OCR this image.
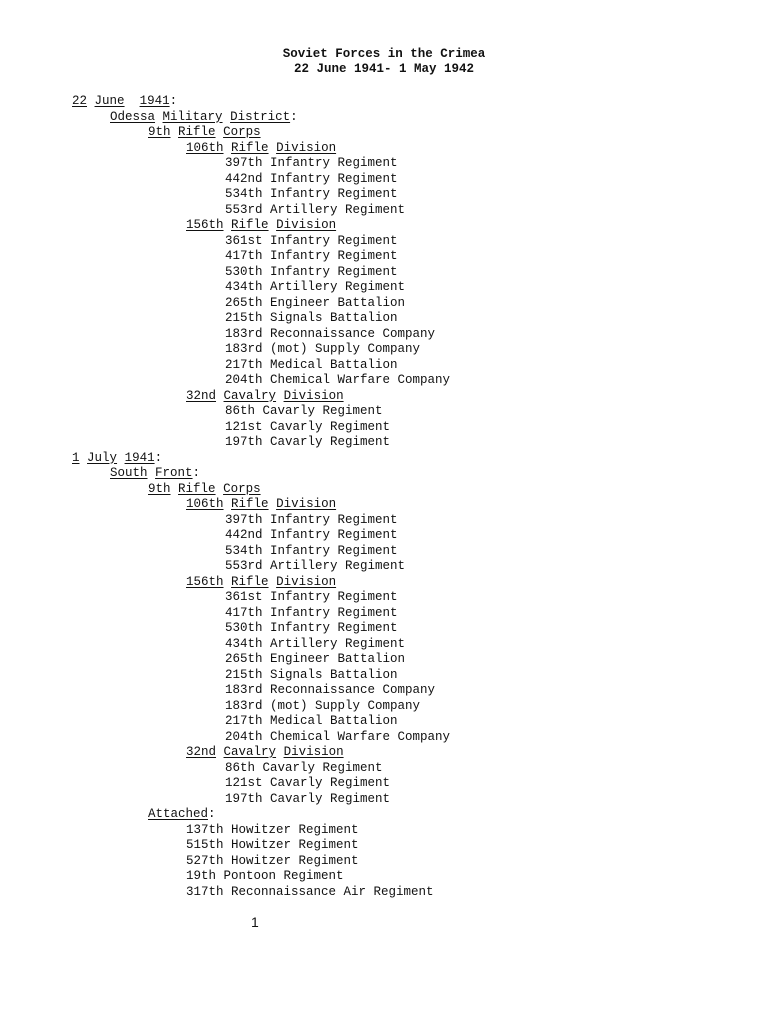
Soviet Forces in the Crimea
22 June 1941- 1 May 1942
22 June 1941:
Odessa Military District:
9th Rifle Corps
106th Rifle Division
397th Infantry Regiment
442nd Infantry Regiment
534th Infantry Regiment
553rd Artillery Regiment
156th Rifle Division
361st Infantry Regiment
417th Infantry Regiment
530th Infantry Regiment
434th Artillery Regiment
265th Engineer Battalion
215th Signals Battalion
183rd Reconnaissance Company
183rd (mot) Supply Company
217th Medical Battalion
204th Chemical Warfare Company
32nd Cavalry Division
86th Cavarly Regiment
121st Cavarly Regiment
197th Cavarly Regiment
1 July 1941:
South Front:
9th Rifle Corps
106th Rifle Division
397th Infantry Regiment
442nd Infantry Regiment
534th Infantry Regiment
553rd Artillery Regiment
156th Rifle Division
361st Infantry Regiment
417th Infantry Regiment
530th Infantry Regiment
434th Artillery Regiment
265th Engineer Battalion
215th Signals Battalion
183rd Reconnaissance Company
183rd (mot) Supply Company
217th Medical Battalion
204th Chemical Warfare Company
32nd Cavalry Division
86th Cavarly Regiment
121st Cavarly Regiment
197th Cavarly Regiment
Attached:
137th Howitzer Regiment
515th Howitzer Regiment
527th Howitzer Regiment
19th Pontoon Regiment
317th Reconnaissance Air Regiment
1
